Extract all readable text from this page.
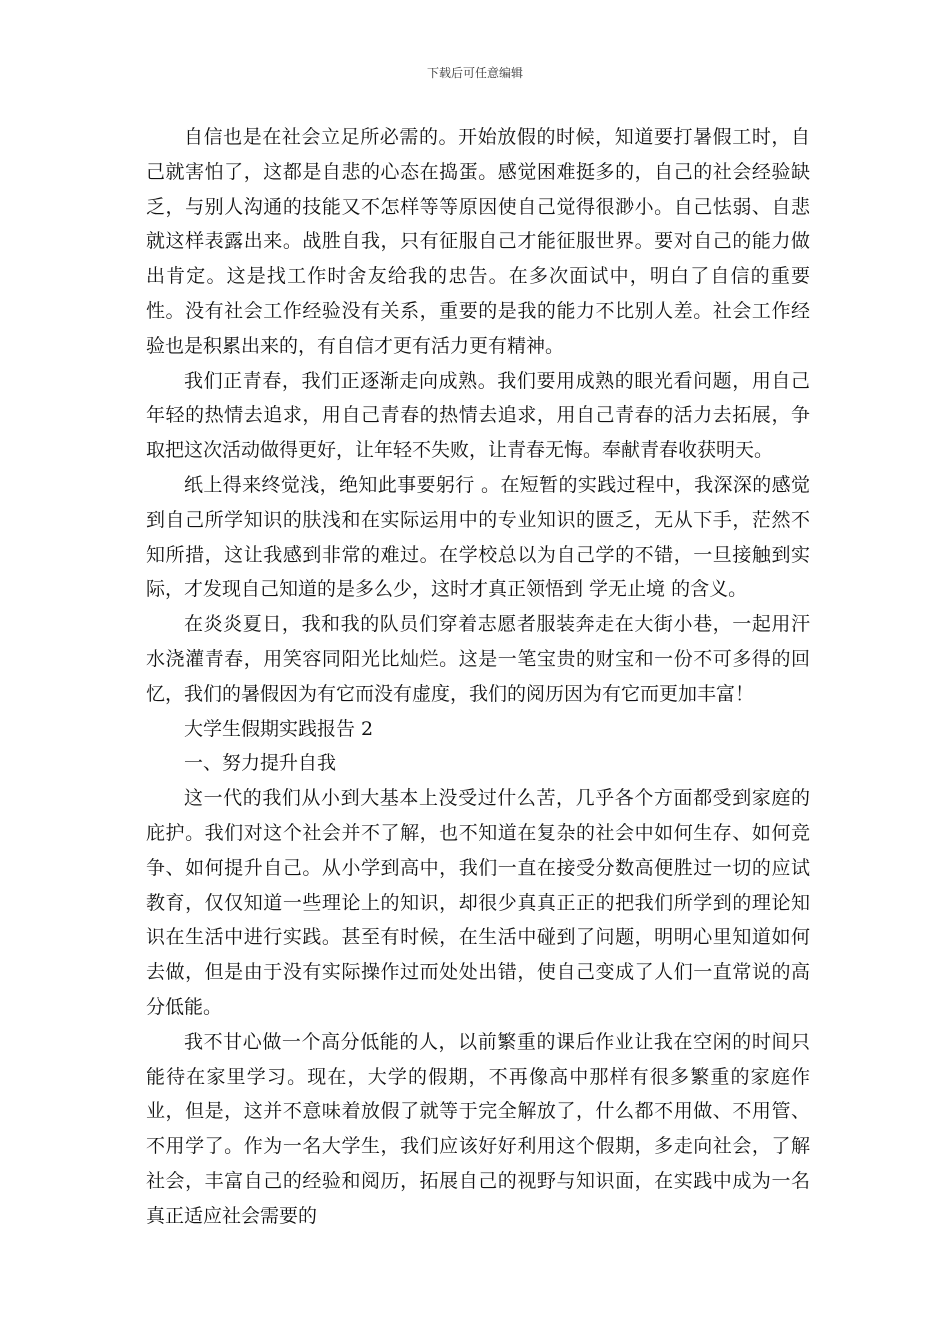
下载后可任意编辑

自信也是在社会立足所必需的。开始放假的时候，知道要打暑假工时，自己就害怕了，这都是自悲的心态在捣蛋。感觉困难挺多的，自己的社会经验缺乏，与别人沟通的技能又不怎样等等原因使自己觉得很渺小。自己怯弱、自悲就这样表露出来。战胜自我，只有征服自己才能征服世界。要对自己的能力做出肯定。这是找工作时舍友给我的忠告。在多次面试中，明白了自信的重要性。没有社会工作经验没有关系，重要的是我的能力不比别人差。社会工作经验也是积累出来的，有自信才更有活力更有精神。

我们正青春，我们正逐渐走向成熟。我们要用成熟的眼光看问题，用自己年轻的热情去追求，用自己青春的热情去追求，用自己青春的活力去拓展，争取把这次活动做得更好，让年轻不失败，让青春无悔。奉献青春收获明天。

纸上得来终觉浅，绝知此事要躬行 。在短暂的实践过程中，我深深的感觉到自己所学知识的肤浅和在实际运用中的专业知识的匮乏，无从下手，茫然不知所措，这让我感到非常的难过。在学校总以为自己学的不错，一旦接触到实际，才发现自己知道的是多么少，这时才真正领悟到 学无止境 的含义。

在炎炎夏日，我和我的队员们穿着志愿者服装奔走在大街小巷，一起用汗水浇灌青春，用笑容同阳光比灿烂。这是一笔宝贵的财宝和一份不可多得的回忆，我们的暑假因为有它而没有虚度，我们的阅历因为有它而更加丰富！

大学生假期实践报告 2

一、努力提升自我

这一代的我们从小到大基本上没受过什么苦，几乎各个方面都受到家庭的庇护。我们对这个社会并不了解，也不知道在复杂的社会中如何生存、如何竞争、如何提升自己。从小学到高中，我们一直在接受分数高便胜过一切的应试教育，仅仅知道一些理论上的知识，却很少真真正正的把我们所学到的理论知识在生活中进行实践。甚至有时候，在生活中碰到了问题，明明心里知道如何去做，但是由于没有实际操作过而处处出错，使自己变成了人们一直常说的高分低能。

我不甘心做一个高分低能的人，以前繁重的课后作业让我在空闲的时间只能待在家里学习。现在，大学的假期，不再像高中那样有很多繁重的家庭作业，但是，这并不意味着放假了就等于完全解放了，什么都不用做、不用管、不用学了。作为一名大学生，我们应该好好利用这个假期，多走向社会，了解社会，丰富自己的经验和阅历，拓展自己的视野与知识面，在实践中成为一名真正适应社会需要的
